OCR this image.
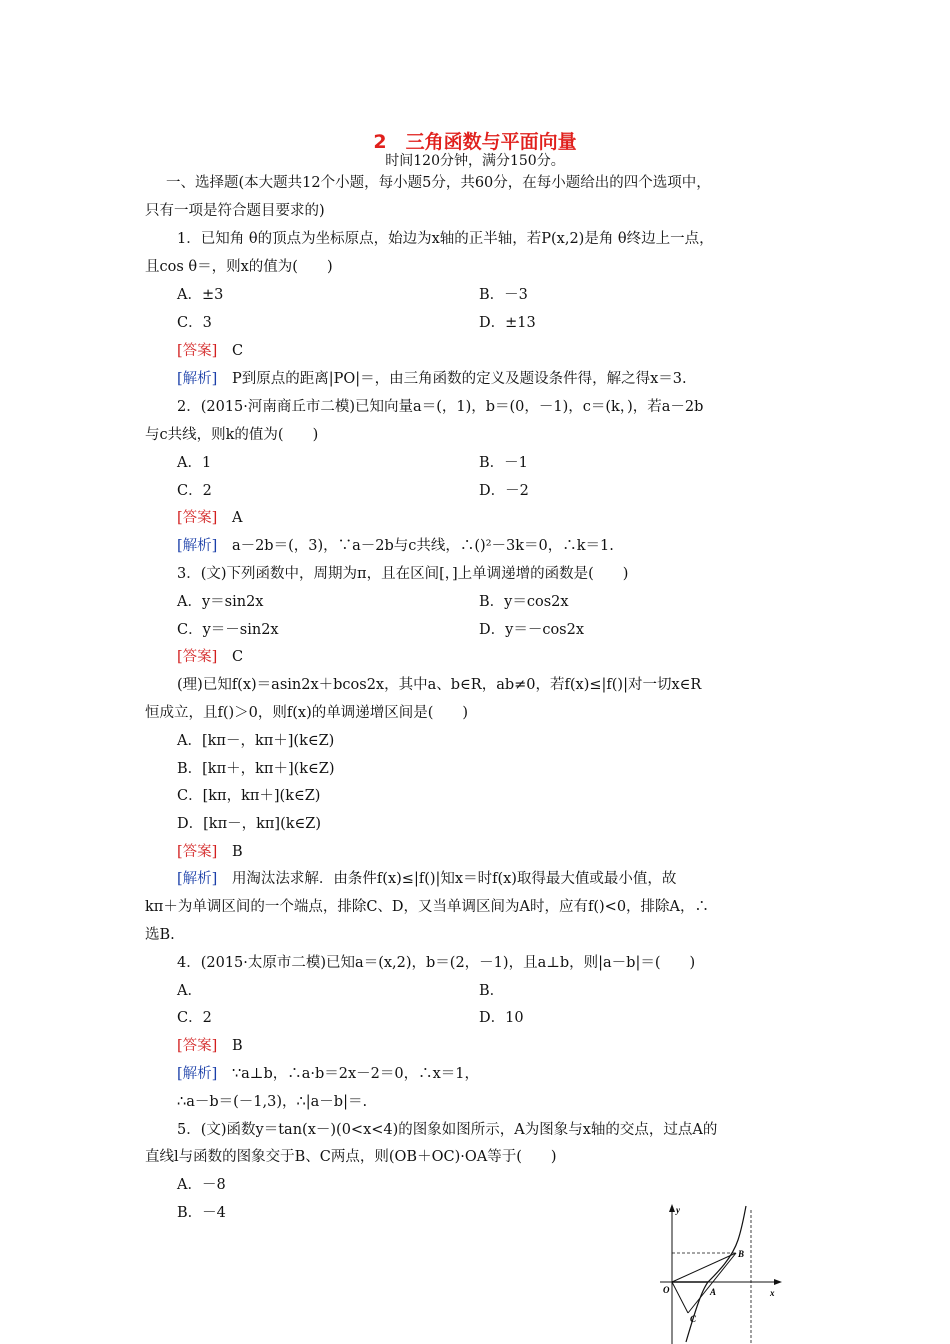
2　三角函数与平面向量
时间120分钟，满分150分。
一、选择题(本大题共12个小题，每小题5分，共60分，在每小题给出的四个选项中，
只有一项是符合题目要求的)
1．已知角 θ的顶点为坐标原点，始边为x轴的正半轴，若P(x,2)是角 θ终边上一点，
且cos θ＝，则x的值为(　　)
A．±3	B．－3
C．3	D．±13
[答案] C
[解析] P到原点的距离|PO|＝，由三角函数的定义及题设条件得，解之得x＝3.
2．(2015·河南商丘市二模)已知向量a＝(，1)，b＝(0，－1)，c＝(k，)，若a－2b
与c共线，则k的值为(　　)
A．1	B．－1
C．2	D．－2
[答案] A
[解析] a－2b＝(，3)，∵a－2b与c共线，∴()²－3k＝0，∴k＝1.
3．(文)下列函数中，周期为π，且在区间[，]上单调递增的函数是(　　)
A．y＝sin2x	B．y＝cos2x
C．y＝－sin2x	D．y＝－cos2x
[答案] C
(理)已知f(x)＝asin2x＋bcos2x，其中a、b∈R，ab≠0，若f(x)≤|f()|对一切x∈R
恒成立，且f()＞0，则f(x)的单调递增区间是(　　)
A．[kπ－，kπ＋](k∈Z)
B．[kπ＋，kπ＋](k∈Z)
C．[kπ，kπ＋](k∈Z)
D．[kπ－，kπ](k∈Z)
[答案] B
[解析] 用淘汰法求解．由条件f(x)≤|f()|知x＝时f(x)取得最大值或最小值，故
kπ＋为单调区间的一个端点，排除C、D，又当单调区间为A时，应有f()<0，排除A，∴
选B.
4．(2015·太原市二模)已知a＝(x,2)，b＝(2，－1)，且a⊥b，则|a－b|＝(　　)
A．	B．
C．2	D．10
[答案] B
[解析] ∵a⊥b，∴a·b＝2x－2＝0，∴x＝1，
∴a－b＝(－1,3)，∴|a－b|＝.
5．(文)函数y＝tan(x－)(0<x<4)的图象如图所示，A为图象与x轴的交点，过点A的
直线l与函数的图象交于B、C两点，则(OB＋OC)·OA等于(　　)
A．－8
B．－4	y
x
O	A
B
C
